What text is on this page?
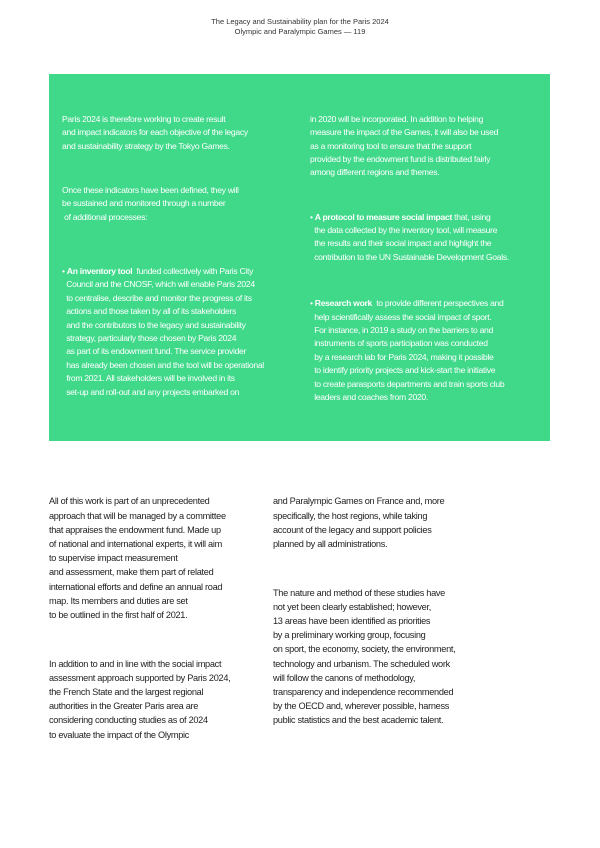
The Legacy and Sustainability plan for the Paris 2024
Olympic and Paralympic Games — 119

Paris 2024 is therefore working to create result
and impact indicators for each objective of the legacy
and sustainability strategy by the Tokyo Games.

Once these indicators have been defined, they will
be sustained and monitored through a number
of additional processes:

• An inventory tool  funded collectively with Paris City
Council and the CNOSF, which will enable Paris 2024
to centralise, describe and monitor the progress of its
actions and those taken by all of its stakeholders
and the contributors to the legacy and sustainability
strategy, particularly those chosen by Paris 2024
as part of its endowment fund. The service provider
has already been chosen and the tool will be operational
from 2021. All stakeholders will be involved in its
set-up and roll-out and any projects embarked on

in 2020 will be incorporated. In addition to helping
measure the impact of the Games, it will also be used
as a monitoring tool to ensure that the support
provided by the endowment fund is distributed fairly
among different regions and themes.

• A protocol to measure social impact that, using
the data collected by the inventory tool, will measure
the results and their social impact and highlight the
contribution to the UN Sustainable Development Goals.

• Research work  to provide different perspectives and
help scientifically assess the social impact of sport.
For instance, in 2019 a study on the barriers to and
instruments of sports participation was conducted
by a research lab for Paris 2024, making it possible
to identify priority projects and kick-start the initiative
to create parasports departments and train sports club
leaders and coaches from 2020.

All of this work is part of an unprecedented
approach that will be managed by a committee
that appraises the endowment fund. Made up
of national and international experts, it will aim
to supervise impact measurement
and assessment, make them part of related
international efforts and define an annual road
map. Its members and duties are set
to be outlined in the first half of 2021.

In addition to and in line with the social impact
assessment approach supported by Paris 2024,
the French State and the largest regional
authorities in the Greater Paris area are
considering conducting studies as of 2024
to evaluate the impact of the Olympic

and Paralympic Games on France and, more
specifically, the host regions, while taking
account of the legacy and support policies
planned by all administrations.

The nature and method of these studies have
not yet been clearly established; however,
13 areas have been identified as priorities
by a preliminary working group, focusing
on sport, the economy, society, the environment,
technology and urbanism. The scheduled work
will follow the canons of methodology,
transparency and independence recommended
by the OECD and, wherever possible, harness
public statistics and the best academic talent.
